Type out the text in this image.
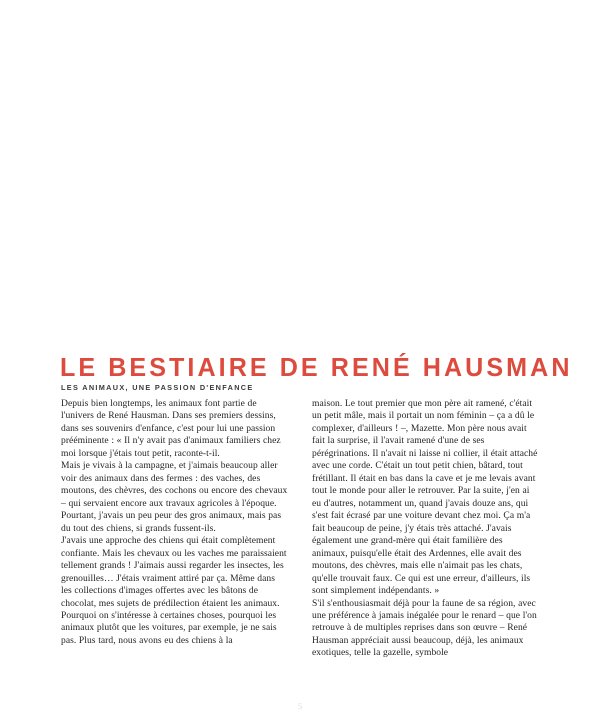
LE BESTIAIRE DE RENÉ HAUSMAN
LES ANIMAUX, UNE PASSION D'ENFANCE

Depuis bien longtemps, les animaux font partie de l'univers de René Hausman. Dans ses premiers dessins, dans ses souvenirs d'enfance, c'est pour lui une passion prééminente : « Il n'y avait pas d'animaux familiers chez moi lorsque j'étais tout petit, raconte-t-il.

Mais je vivais à la campagne, et j'aimais beaucoup aller voir des animaux dans des fermes : des vaches, des moutons, des chèvres, des cochons ou encore des chevaux – qui servaient encore aux travaux agricoles à l'époque.

Pourtant, j'avais un peu peur des gros animaux, mais pas du tout des chiens, si grands fussent-ils.

J'avais une approche des chiens qui était complètement confiante. Mais les chevaux ou les vaches me paraissaient tellement grands ! J'aimais aussi regarder les insectes, les grenouilles… J'étais vraiment attiré par ça. Même dans les collections d'images offertes avec les bâtons de chocolat, mes sujets de prédilection étaient les animaux. Pourquoi on s'intéresse à certaines choses, pourquoi les animaux plutôt que les voitures, par exemple, je ne sais pas. Plus tard, nous avons eu des chiens à la

maison. Le tout premier que mon père ait ramené, c'était un petit mâle, mais il portait un nom féminin – ça a dû le complexer, d'ailleurs ! –, Mazette. Mon père nous avait fait la surprise, il l'avait ramené d'une de ses pérégrinations. Il n'avait ni laisse ni collier, il était attaché avec une corde. C'était un tout petit chien, bâtard, tout frétillant. Il était en bas dans la cave et je me levais avant tout le monde pour aller le retrouver. Par la suite, j'en ai eu d'autres, notamment un, quand j'avais douze ans, qui s'est fait écrasé par une voiture devant chez moi. Ça m'a fait beaucoup de peine, j'y étais très attaché. J'avais également une grand-mère qui était familière des animaux, puisqu'elle était des Ardennes, elle avait des moutons, des chèvres, mais elle n'aimait pas les chats, qu'elle trouvait faux. Ce qui est une erreur, d'ailleurs, ils sont simplement indépendants. »

S'il s'enthousiasmait déjà pour la faune de sa région, avec une préférence à jamais inégalée pour le renard – que l'on retrouve à de multiples reprises dans son œuvre – René Hausman appréciait aussi beaucoup, déjà, les animaux exotiques, telle la gazelle, symbole

5
